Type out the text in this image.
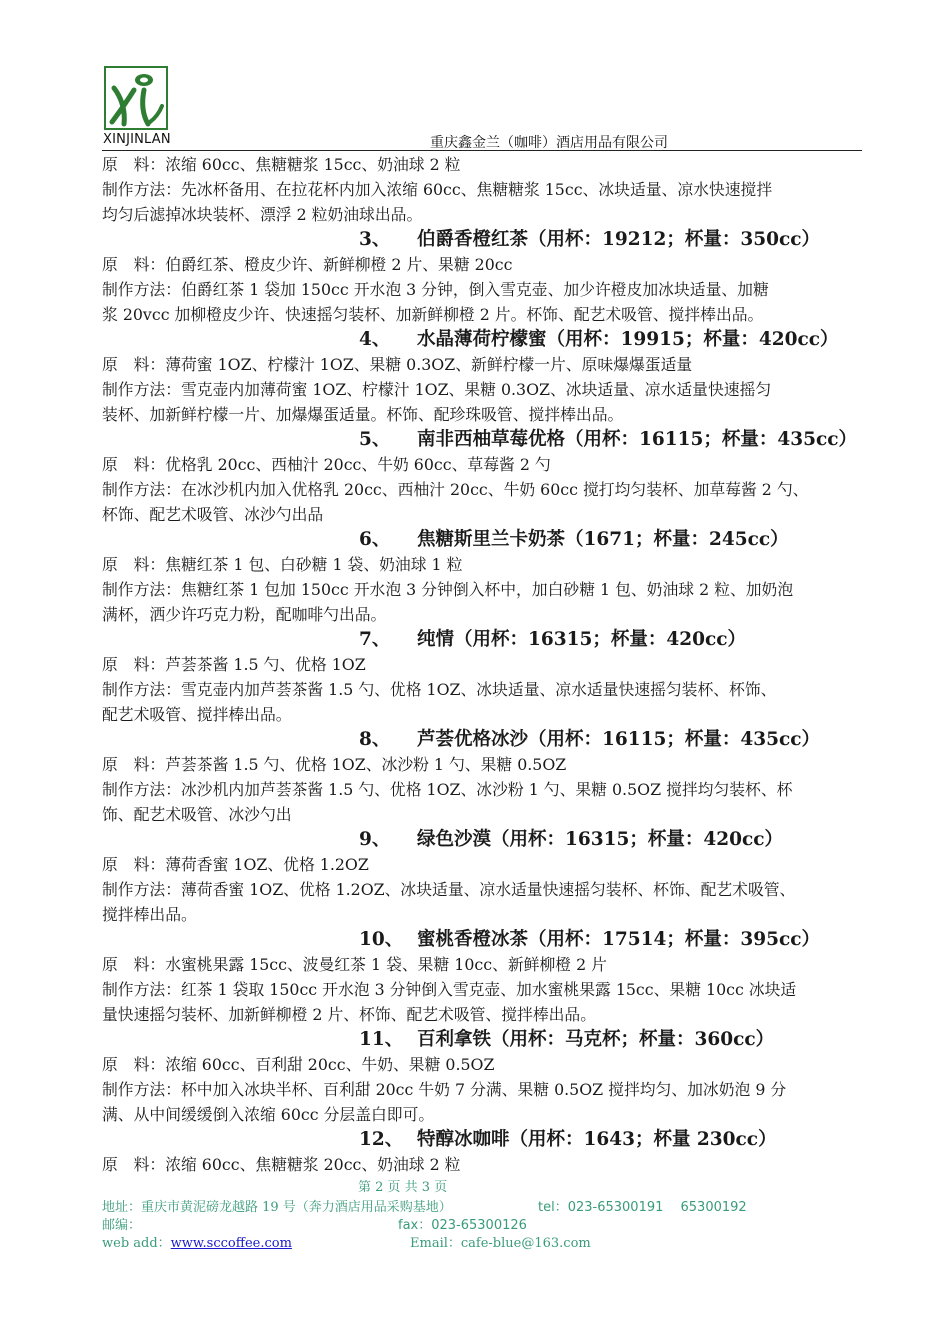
XINJINLAN	重庆鑫金兰（咖啡）酒店用品有限公司
原　料：浓缩 60cc、焦糖糖浆 15cc、奶油球 2 粒
制作方法：先冰杯备用、在拉花杯内加入浓缩 60cc、焦糖糖浆 15cc、冰块适量、凉水快速搅拌
均匀后滤掉冰块装杯、漂浮 2 粒奶油球出品。
3、 伯爵香橙红茶（用杯：19212；杯量：350cc）
原　料：伯爵红茶、橙皮少许、新鲜柳橙 2 片、果糖 20cc
制作方法：伯爵红茶 1 袋加 150cc 开水泡 3 分钟，倒入雪克壶、加少许橙皮加冰块适量、加糖
浆 20vcc 加柳橙皮少许、快速摇匀装杯、加新鲜柳橙 2 片。杯饰、配艺术吸管、搅拌棒出品。
4、 水晶薄荷柠檬蜜（用杯：19915；杯量：420cc）
原　料：薄荷蜜 1OZ、柠檬汁 1OZ、果糖 0.3OZ、新鲜柠檬一片、原味爆爆蛋适量
制作方法：雪克壶内加薄荷蜜 1OZ、柠檬汁 1OZ、果糖 0.3OZ、冰块适量、凉水适量快速摇匀
装杯、加新鲜柠檬一片、加爆爆蛋适量。杯饰、配珍珠吸管、搅拌棒出品。
5、 南非西柚草莓优格（用杯：16115；杯量：435cc）
原　料：优格乳 20cc、西柚汁 20cc、牛奶 60cc、草莓酱 2 勺
制作方法：在冰沙机内加入优格乳 20cc、西柚汁 20cc、牛奶 60cc 搅打均匀装杯、加草莓酱 2 勺、
杯饰、配艺术吸管、冰沙勺出品
6、 焦糖斯里兰卡奶茶（1671；杯量：245cc）
原　料：焦糖红茶 1 包、白砂糖 1 袋、奶油球 1 粒
制作方法：焦糖红茶 1 包加 150cc 开水泡 3 分钟倒入杯中，加白砂糖 1 包、奶油球 2 粒、加奶泡
满杯，洒少许巧克力粉，配咖啡勺出品。
7、 纯情（用杯：16315；杯量：420cc）
原　料：芦荟茶酱 1.5 勺、优格 1OZ
制作方法：雪克壶内加芦荟茶酱 1.5 勺、优格 1OZ、冰块适量、凉水适量快速摇匀装杯、杯饰、
配艺术吸管、搅拌棒出品。
8、 芦荟优格冰沙（用杯：16115；杯量：435cc）
原　料：芦荟茶酱 1.5 勺、优格 1OZ、冰沙粉 1 勺、果糖 0.5OZ
制作方法：冰沙机内加芦荟茶酱 1.5 勺、优格 1OZ、冰沙粉 1 勺、果糖 0.5OZ 搅拌均匀装杯、杯
饰、配艺术吸管、冰沙勺出
9、 绿色沙漠（用杯：16315；杯量：420cc）
原　料：薄荷香蜜 1OZ、优格 1.2OZ
制作方法：薄荷香蜜 1OZ、优格 1.2OZ、冰块适量、凉水适量快速摇匀装杯、杯饰、配艺术吸管、
搅拌棒出品。
10、 蜜桃香橙冰茶（用杯：17514；杯量：395cc）
原　料：水蜜桃果露 15cc、波曼红茶 1 袋、果糖 10cc、新鲜柳橙 2 片
制作方法：红茶 1 袋取 150cc 开水泡 3 分钟倒入雪克壶、加水蜜桃果露 15cc、果糖 10cc 冰块适
量快速摇匀装杯、加新鲜柳橙 2 片、杯饰、配艺术吸管、搅拌棒出品。
11、 百利拿铁（用杯：马克杯；杯量：360cc）
原　料：浓缩 60cc、百利甜 20cc、牛奶、果糖 0.5OZ
制作方法：杯中加入冰块半杯、百利甜 20cc 牛奶 7 分满、果糖 0.5OZ 搅拌均匀、加冰奶泡 9 分
满、从中间缓缓倒入浓缩 60cc 分层盖白即可。
12、 特醇冰咖啡（用杯：1643；杯量 230cc）
原　料：浓缩 60cc、焦糖糖浆 20cc、奶油球 2 粒
第 2 页 共 3 页
地址：重庆市黄泥磅龙越路 19 号（奔力酒店用品采购基地）	tel：023-65300191　 65300192
邮编：	fax：023-65300126
web add：www.sccoffee.com	Email：cafe-blue@163.com
